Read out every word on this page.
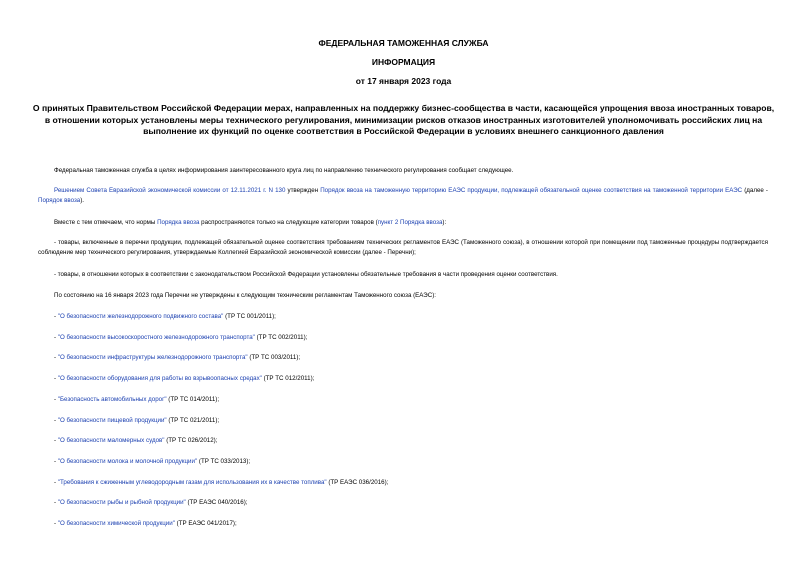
ФЕДЕРАЛЬНАЯ ТАМОЖЕННАЯ СЛУЖБА
ИНФОРМАЦИЯ
от 17 января 2023 года
О принятых Правительством Российской Федерации мерах, направленных на поддержку бизнес-сообщества в части, касающейся упрощения ввоза иностранных товаров, в отношении которых установлены меры технического регулирования, минимизации рисков отказов иностранных изготовителей уполномочивать российских лиц на выполнение их функций по оценке соответствия в Российской Федерации в условиях внешнего санкционного давления
Федеральная таможенная служба в целях информирования заинтересованного круга лиц по направлению технического регулирования сообщает следующее.
Решением Совета Евразийской экономической комиссии от 12.11.2021 г. N 130 утвержден Порядок ввоза на таможенную территорию ЕАЭС продукции, подлежащей обязательной оценке соответствия на таможенной территории ЕАЭС (далее - Порядок ввоза).
Вместе с тем отмечаем, что нормы Порядка ввоза распространяются только на следующие категории товаров (пункт 2 Порядка ввоза):
- товары, включенные в перечни продукции, подлежащей обязательной оценке соответствия требованиям технических регламентов ЕАЭС (Таможенного союза), в отношении которой при помещении под таможенные процедуры подтверждается соблюдение мер технического регулирования, утверждаемые Коллегией Евразийской экономической комиссии (далее - Перечни);
- товары, в отношении которых в соответствии с законодательством Российской Федерации установлены обязательные требования в части проведения оценки соответствия.
По состоянию на 16 января 2023 года Перечни не утверждены к следующим техническим регламентам Таможенного союза (ЕАЭС):
- "О безопасности железнодорожного подвижного состава" (ТР ТС 001/2011);
- "О безопасности высокоскоростного железнодорожного транспорта" (ТР ТС 002/2011);
- "О безопасности инфраструктуры железнодорожного транспорта" (ТР ТС 003/2011);
- "О безопасности оборудования для работы во взрывоопасных средах" (ТР ТС 012/2011);
- "Безопасность автомобильных дорог" (ТР ТС 014/2011);
- "О безопасности пищевой продукции" (ТР ТС 021/2011);
- "О безопасности маломерных судов" (ТР ТС 026/2012);
- "О безопасности молока и молочной продукции" (ТР ТС 033/2013);
- "Требования к сжиженным углеводородным газам для использования их в качестве топлива" (ТР ЕАЭС 036/2016);
- "О безопасности рыбы и рыбной продукции" (ТР ЕАЭС 040/2016);
- "О безопасности химической продукции" (ТР ЕАЭС 041/2017);
